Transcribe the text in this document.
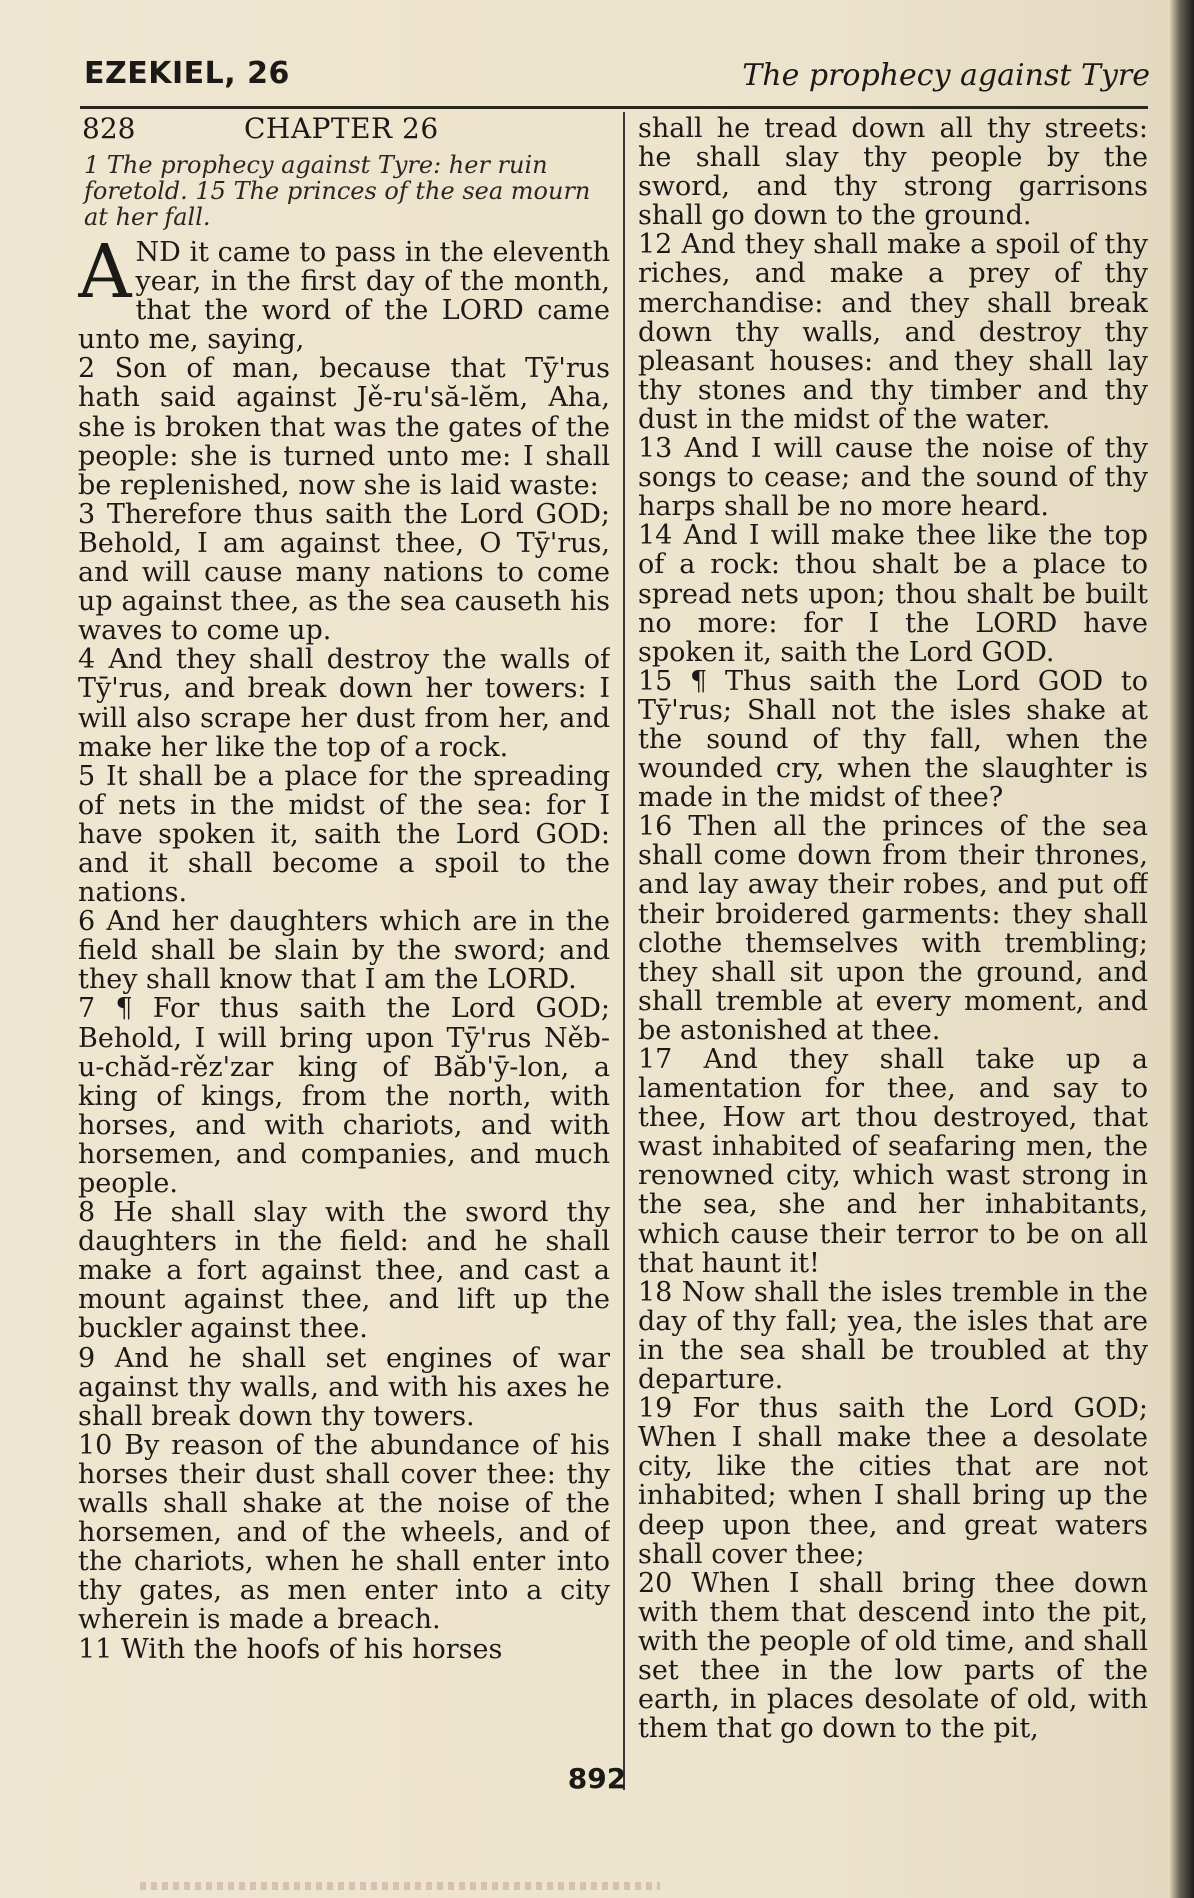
EZEKIEL, 26	The prophecy against Tyre
828	CHAPTER 26
1 The prophecy against Tyre: her ruin foretold. 15 The princes of the sea mourn at her fall.

AND it came to pass in the eleventh year, in the first day of the month, that the word of the LORD came unto me, saying,

2 Son of man, because that Tȳ'rus hath said against Jě-ru'să-lĕm, Aha, she is broken that was the gates of the people: she is turned unto me: I shall be replenished, now she is laid waste:

3 Therefore thus saith the Lord GOD; Behold, I am against thee, O Tȳ'rus, and will cause many nations to come up against thee, as the sea causeth his waves to come up.

4 And they shall destroy the walls of Tȳ'rus, and break down her towers: I will also scrape her dust from her, and make her like the top of a rock.

5 It shall be a place for the spreading of nets in the midst of the sea: for I have spoken it, saith the Lord GOD: and it shall become a spoil to the nations.

6 And her daughters which are in the field shall be slain by the sword; and they shall know that I am the LORD.

7 ¶ For thus saith the Lord GOD; Behold, I will bring upon Tȳ'rus Něb-u-chăd-rěz'zar king of Băb'ȳ-lon, a king of kings, from the north, with horses, and with chariots, and with horsemen, and companies, and much people.

8 He shall slay with the sword thy daughters in the field: and he shall make a fort against thee, and cast a mount against thee, and lift up the buckler against thee.

9 And he shall set engines of war against thy walls, and with his axes he shall break down thy towers.

10 By reason of the abundance of his horses their dust shall cover thee: thy walls shall shake at the noise of the horsemen, and of the wheels, and of the chariots, when he shall enter into thy gates, as men enter into a city wherein is made a breach.

11 With the hoofs of his horses

shall he tread down all thy streets: he shall slay thy people by the sword, and thy strong garrisons shall go down to the ground.

12 And they shall make a spoil of thy riches, and make a prey of thy merchandise: and they shall break down thy walls, and destroy thy pleasant houses: and they shall lay thy stones and thy timber and thy dust in the midst of the water.

13 And I will cause the noise of thy songs to cease; and the sound of thy harps shall be no more heard.

14 And I will make thee like the top of a rock: thou shalt be a place to spread nets upon; thou shalt be built no more: for I the LORD have spoken it, saith the Lord GOD.

15 ¶ Thus saith the Lord GOD to Tȳ'rus; Shall not the isles shake at the sound of thy fall, when the wounded cry, when the slaughter is made in the midst of thee?

16 Then all the princes of the sea shall come down from their thrones, and lay away their robes, and put off their broidered garments: they shall clothe themselves with trembling; they shall sit upon the ground, and shall tremble at every moment, and be astonished at thee.

17 And they shall take up a lamentation for thee, and say to thee, How art thou destroyed, that wast inhabited of seafaring men, the renowned city, which wast strong in the sea, she and her inhabitants, which cause their terror to be on all that haunt it!

18 Now shall the isles tremble in the day of thy fall; yea, the isles that are in the sea shall be troubled at thy departure.

19 For thus saith the Lord GOD; When I shall make thee a desolate city, like the cities that are not inhabited; when I shall bring up the deep upon thee, and great waters shall cover thee;

20 When I shall bring thee down with them that descend into the pit, with the people of old time, and shall set thee in the low parts of the earth, in places desolate of old, with them that go down to the pit,

892
